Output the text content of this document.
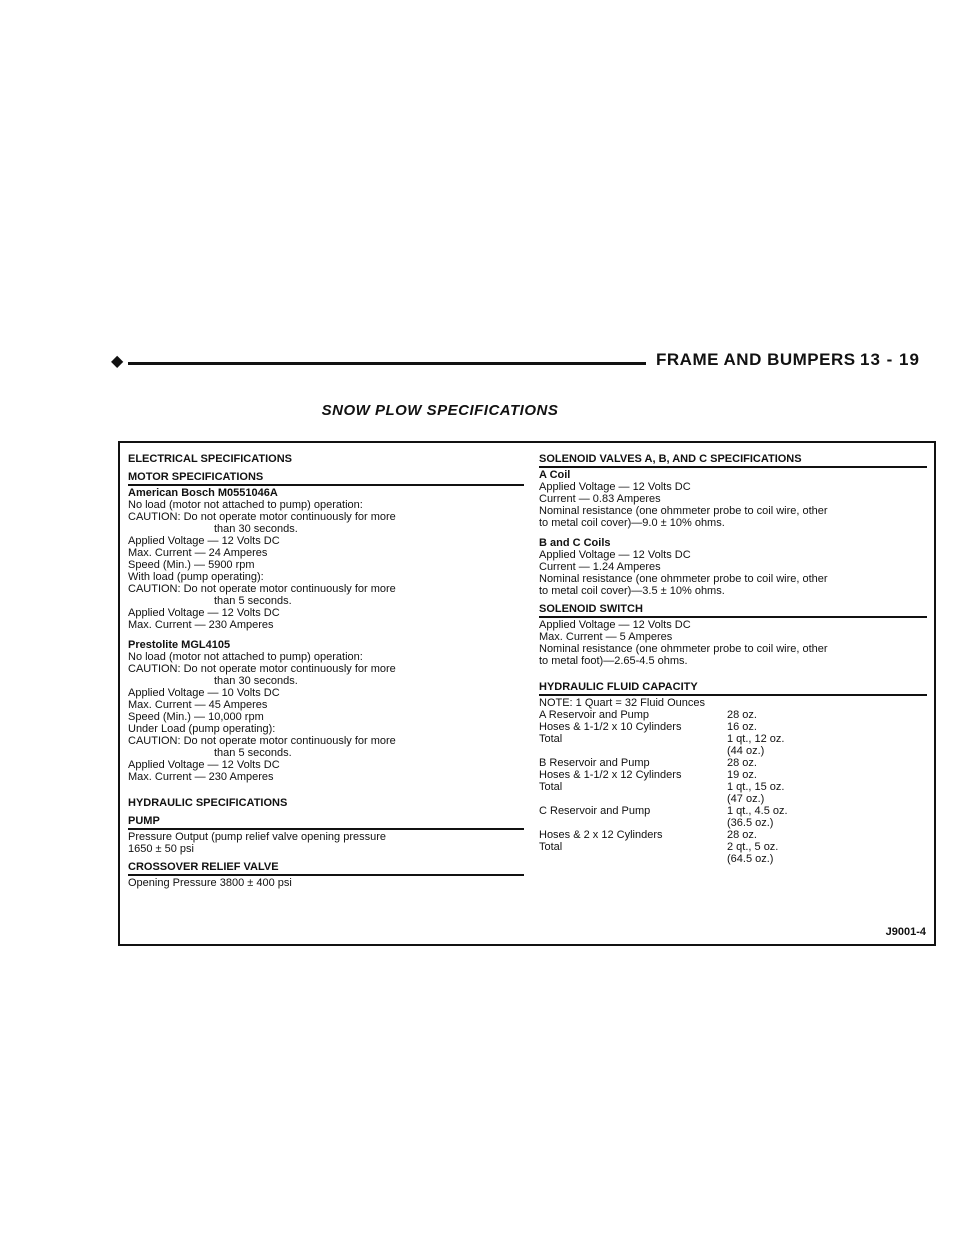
◆	FRAME AND BUMPERS 13 - 19
SNOW PLOW SPECIFICATIONS
ELECTRICAL SPECIFICATIONS
MOTOR SPECIFICATIONS
American Bosch M0551046A
No load (motor not attached to pump) operation:
CAUTION: Do not operate motor continuously for more
than 30 seconds.
Applied Voltage — 12 Volts DC
Max. Current — 24 Amperes
Speed (Min.) — 5900 rpm
With load (pump operating):
CAUTION: Do not operate motor continuously for more
than 5 seconds.
Applied Voltage — 12 Volts DC
Max. Current — 230 Amperes
Prestolite MGL4105
No load (motor not attached to pump) operation:
CAUTION: Do not operate motor continuously for more
than 30 seconds.
Applied Voltage — 10 Volts DC
Max. Current — 45 Amperes
Speed (Min.) — 10,000 rpm
Under Load (pump operating):
CAUTION: Do not operate motor continuously for more
than 5 seconds.
Applied Voltage — 12 Volts DC
Max. Current — 230 Amperes
HYDRAULIC SPECIFICATIONS
PUMP
Pressure Output (pump relief valve opening pressure
1650 ± 50 psi
CROSSOVER RELIEF VALVE
Opening Pressure 3800 ± 400 psi
SOLENOID VALVES A, B, AND C SPECIFICATIONS
A Coil
Applied Voltage — 12 Volts DC
Current — 0.83 Amperes
Nominal resistance (one ohmmeter probe to coil wire, other
to metal coil cover)—9.0 ± 10% ohms.
B and C Coils
Applied Voltage — 12 Volts DC
Current — 1.24 Amperes
Nominal resistance (one ohmmeter probe to coil wire, other
to metal coil cover)—3.5 ± 10% ohms.
SOLENOID SWITCH
Applied Voltage — 12 Volts DC
Max. Current — 5 Amperes
Nominal resistance (one ohmmeter probe to coil wire, other
to metal foot)—2.65-4.5 ohms.
HYDRAULIC FLUID CAPACITY
NOTE: 1 Quart = 32 Fluid Ounces
A Reservoir and Pump	28 oz.
Hoses & 1-1/2 x 10 Cylinders	16 oz.
Total	1 qt., 12 oz.
	(44 oz.)
B Reservoir and Pump	28 oz.
Hoses & 1-1/2 x 12 Cylinders	19 oz.
Total	1 qt., 15 oz.
	(47 oz.)
C Reservoir and Pump	1 qt., 4.5 oz.
	(36.5 oz.)
Hoses & 2 x 12 Cylinders	28 oz.
Total	2 qt., 5 oz.
	(64.5 oz.)
J9001-4
